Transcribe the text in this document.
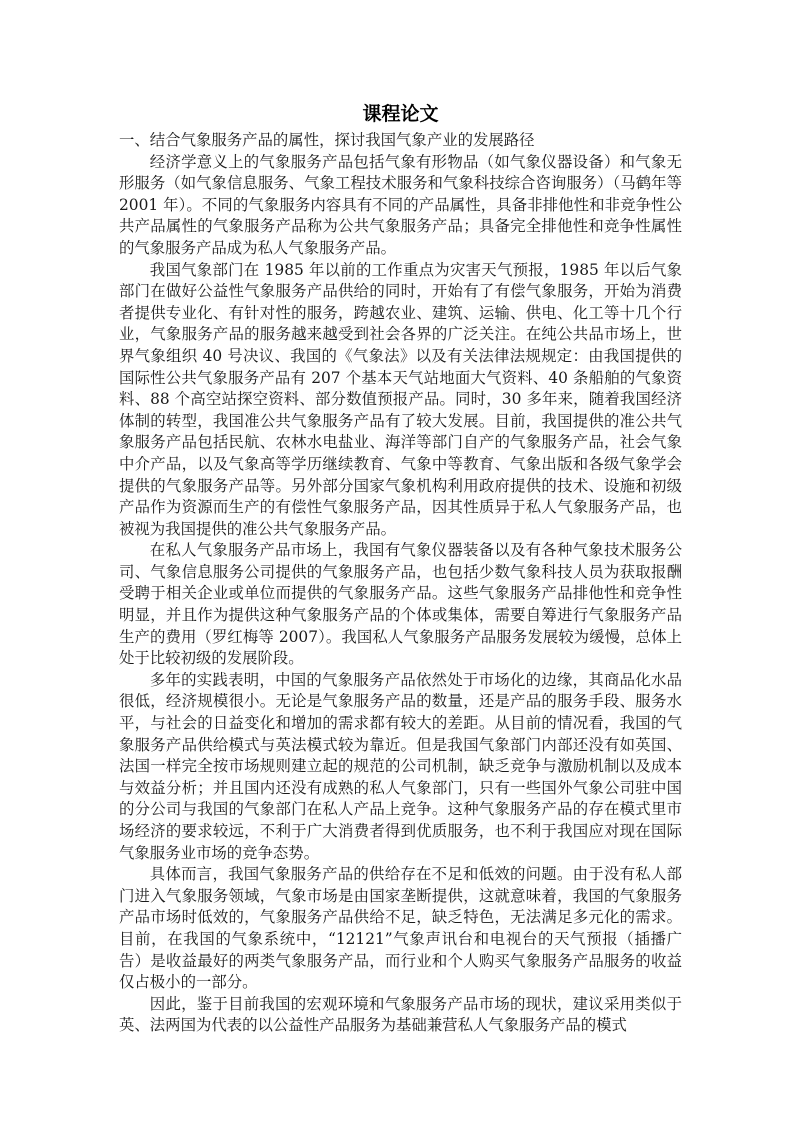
课程论文

一、结合气象服务产品的属性，探讨我国气象产业的发展路径

经济学意义上的气象服务产品包括气象有形物品（如气象仪器设备）和气象无形服务（如气象信息服务、气象工程技术服务和气象科技综合咨询服务）（马鹤年等 2001 年）。不同的气象服务内容具有不同的产品属性，具备非排他性和非竞争性公共产品属性的气象服务产品称为公共气象服务产品；具备完全排他性和竞争性属性的气象服务产品成为私人气象服务产品。

我国气象部门在 1985 年以前的工作重点为灾害天气预报，1985 年以后气象部门在做好公益性气象服务产品供给的同时，开始有了有偿气象服务，开始为消费者提供专业化、有针对性的服务，跨越农业、建筑、运输、供电、化工等十几个行业，气象服务产品的服务越来越受到社会各界的广泛关注。在纯公共品市场上，世界气象组织 40 号决议、我国的《气象法》以及有关法律法规规定：由我国提供的国际性公共气象服务产品有 207 个基本天气站地面大气资料、40 条船舶的气象资料、88 个高空站探空资料、部分数值预报产品。同时，30 多年来，随着我国经济体制的转型，我国准公共气象服务产品有了较大发展。目前，我国提供的准公共气象服务产品包括民航、农林水电盐业、海洋等部门自产的气象服务产品，社会气象中介产品，以及气象高等学历继续教育、气象中等教育、气象出版和各级气象学会提供的气象服务产品等。另外部分国家气象机构利用政府提供的技术、设施和初级产品作为资源而生产的有偿性气象服务产品，因其性质异于私人气象服务产品，也被视为我国提供的准公共气象服务产品。

在私人气象服务产品市场上，我国有气象仪器装备以及有各种气象技术服务公司、气象信息服务公司提供的气象服务产品，也包括少数气象科技人员为获取报酬受聘于相关企业或单位而提供的气象服务产品。这些气象服务产品排他性和竞争性明显，并且作为提供这种气象服务产品的个体或集体，需要自筹进行气象服务产品生产的费用（罗红梅等 2007）。我国私人气象服务产品服务发展较为缓慢，总体上处于比较初级的发展阶段。

多年的实践表明，中国的气象服务产品依然处于市场化的边缘，其商品化水品很低，经济规模很小。无论是气象服务产品的数量，还是产品的服务手段、服务水平，与社会的日益变化和增加的需求都有较大的差距。从目前的情况看，我国的气象服务产品供给模式与英法模式较为靠近。但是我国气象部门内部还没有如英国、法国一样完全按市场规则建立起的规范的公司机制，缺乏竞争与激励机制以及成本与效益分析；并且国内还没有成熟的私人气象部门，只有一些国外气象公司驻中国的分公司与我国的气象部门在私人产品上竞争。这种气象服务产品的存在模式里市场经济的要求较远，不利于广大消费者得到优质服务，也不利于我国应对现在国际气象服务业市场的竞争态势。

具体而言，我国气象服务产品的供给存在不足和低效的问题。由于没有私人部门进入气象服务领域，气象市场是由国家垄断提供，这就意味着，我国的气象服务产品市场时低效的，气象服务产品供给不足，缺乏特色，无法满足多元化的需求。目前，在我国的气象系统中，“12121”气象声讯台和电视台的天气预报（插播广告）是收益最好的两类气象服务产品，而行业和个人购买气象服务产品服务的收益仅占极小的一部分。

因此，鉴于目前我国的宏观环境和气象服务产品市场的现状，建议采用类似于英、法两国为代表的以公益性产品服务为基础兼营私人气象服务产品的模式
